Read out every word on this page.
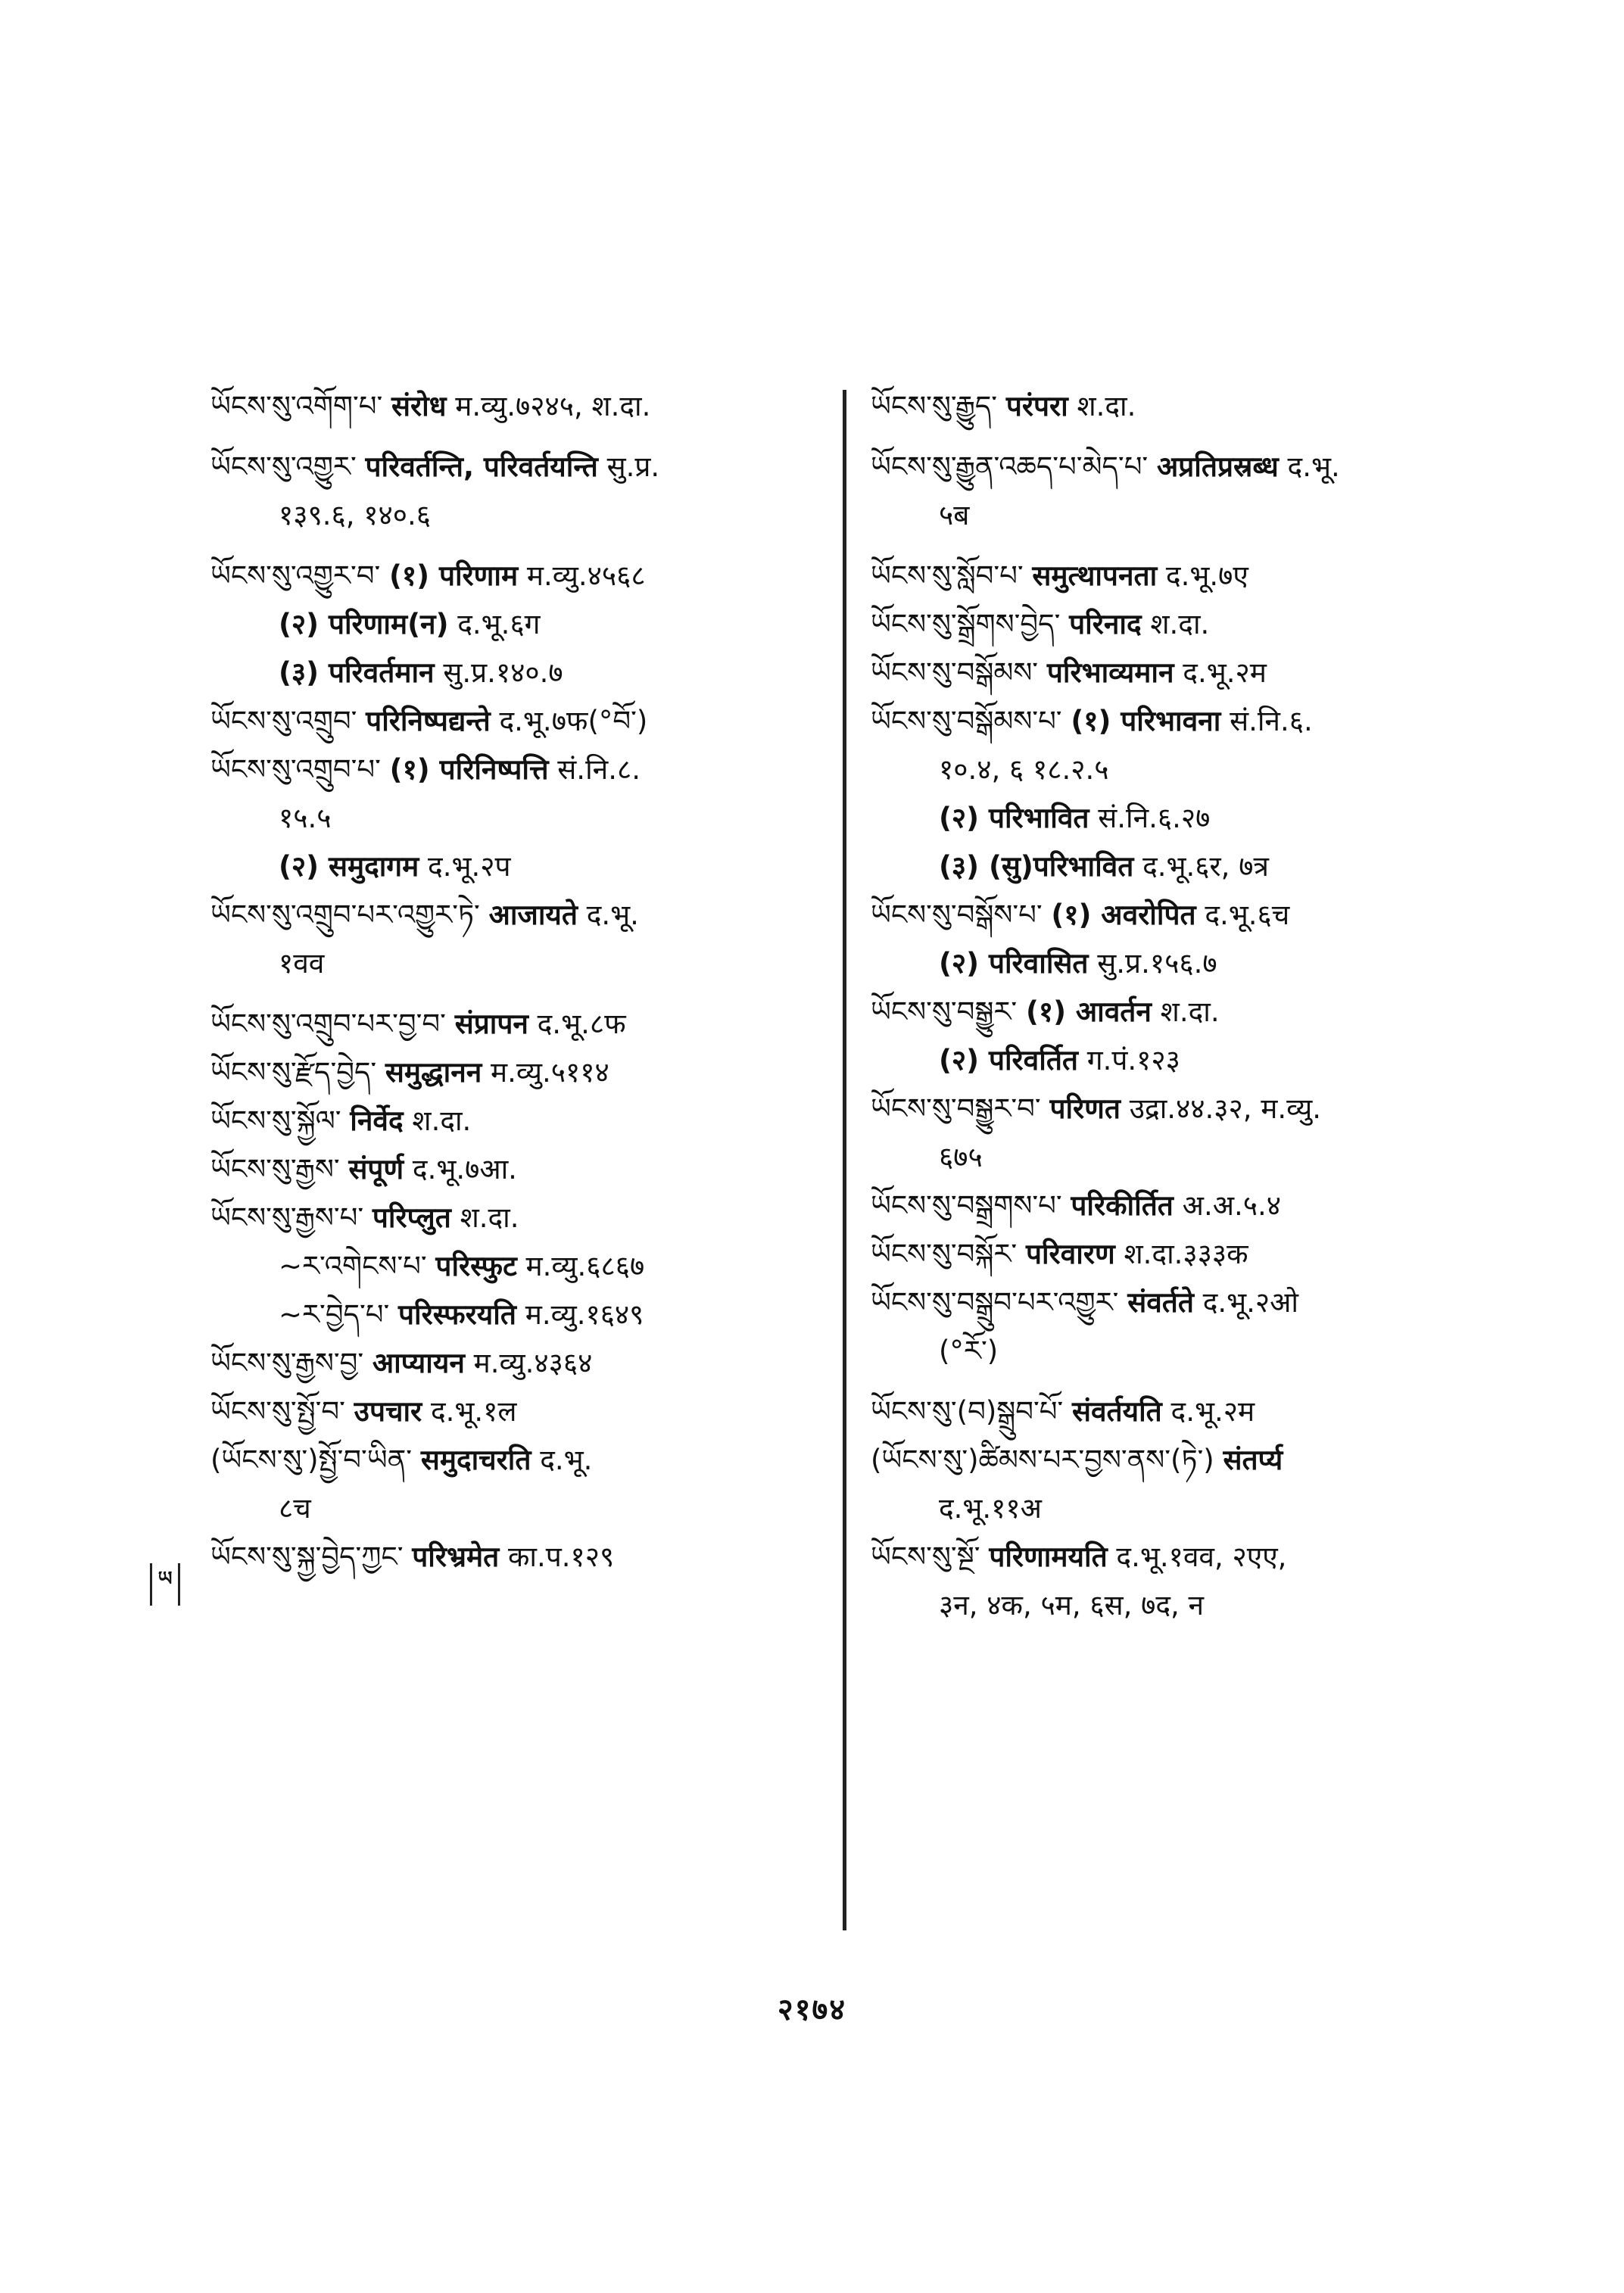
ཡོངས་སུ་འགོག་པ་ संरोध म.व्यु.७२४५, श.दा.

ཡོངས་སུ་འགྱུར་ परिवर्तन्ति, परिवर्तयन्ति सु.प्र.

१३९.६, १४०.६

ཡོངས་སུ་འགྱུར་བ་ (१) परिणाम म.व्यु.४५६८

(२) परिणाम(न) द.भू.६ग

(३) परिवर्तमान सु.प्र.१४०.७

ཡོངས་སུ་འགྲུབ་ परिनिष्पद्यन्ते द.भू.७फ(°བོ་)

ཡོངས་སུ་འགྲུབ་པ་ (१) परिनिष्पत्ति सं.नि.८.

१५.५

(२) समुदागम द.भू.२प

ཡོངས་སུ་འགྲུབ་པར་འགྱུར་ཏེ་ आजायते द.भू.

१वव

ཡོངས་སུ་འགྲུབ་པར་བྱ་བ་ संप्रापन द.भू.८फ

ཡོངས་སུ་རྫོད་བྱེད་ समुद्धानन म.व्यु.५११४

ཡོངས་སུ་སྐྱོལ་ निर्वेद श.दा.

ཡོངས་སུ་རྒྱས་ संपूर्ण द.भू.७आ.

ཡོངས་སུ་རྒྱས་པ་ परिप्लुत श.दा.

~ར་འགེངས་པ་ परिस्फुट म.व्यु.६८६७

~ར་བྱེད་པ་ परिस्फरयति म.व्यु.१६४९

ཡོངས་སུ་རྒྱས་བྱ་ आप्यायन म.व्यु.४३६४

ཡོངས་སུ་སྤྱོ་བ་ उपचार द.भू.१ल

(ཡོངས་སུ་)སྤྱོ་བ་ཡིན་ समुदाचरति द.भू.

८च

ཡོངས་སུ་སྐྱ་བྱེད་ཀྱང་ परिभ्रमेत का.प.१२९

ཡོངས་སུ་རྒྱུད་ परंपरा श.दा.

ཡོངས་སུ་རྒྱུན་འཆད་པ་མེད་པ་ अप्रतिप्रस्रब्ध द.भू.

५ब

ཡོངས་སུ་སློབ་པ་ समुत्थापनता द.भू.७ए

ཡོངས་སུ་སྒྲོགས་བྱེད་ परिनाद श.दा.

ཡོངས་སུ་བསྒོམས་ परिभाव्यमान द.भू.२म

ཡོངས་སུ་བསྒོམས་པ་ (१) परिभावना सं.नि.६.

१०.४, ६ १८.२.५

(२) परिभावित सं.नि.६.२७

(३) (सु)परिभावित द.भू.६र, ७त्र

ཡོངས་སུ་བསྒོས་པ་ (१) अवरोपित द.भू.६च

(२) परिवासित सु.प्र.१५६.७

ཡོངས་སུ་བསྒྱུར་ (१) आवर्तन श.दा.

(२) परिवर्तित ग.पं.१२३

ཡོངས་སུ་བསྒྱུར་བ་ परिणत उद्रा.४४.३२, म.व्यु.

६७५

ཡོངས་སུ་བསྒྲགས་པ་ परिकीर्तित अ.अ.५.४

ཡོངས་སུ་བསྐོར་ परिवारण श.दा.३३३क

ཡོངས་སུ་བསྒྲུབ་པར་འགྱུར་ संवर्तते द.भू.२ओ

(°རོ་)

ཡོངས་སུ་(བ)སྒྲུབ་པོ་ संवर्तयति द.भू.२म

(ཡོངས་སུ་)ཚིམས་པར་བྱས་ནས་(ཏེ་) संतर्प्य

द.भू.११अ

ཡོངས་སུ་སྔོ་ परिणामयति द.भू.१वव, २एए,

३न, ४क, ५म, ६स, ७द, न

ཡ
२१७४
